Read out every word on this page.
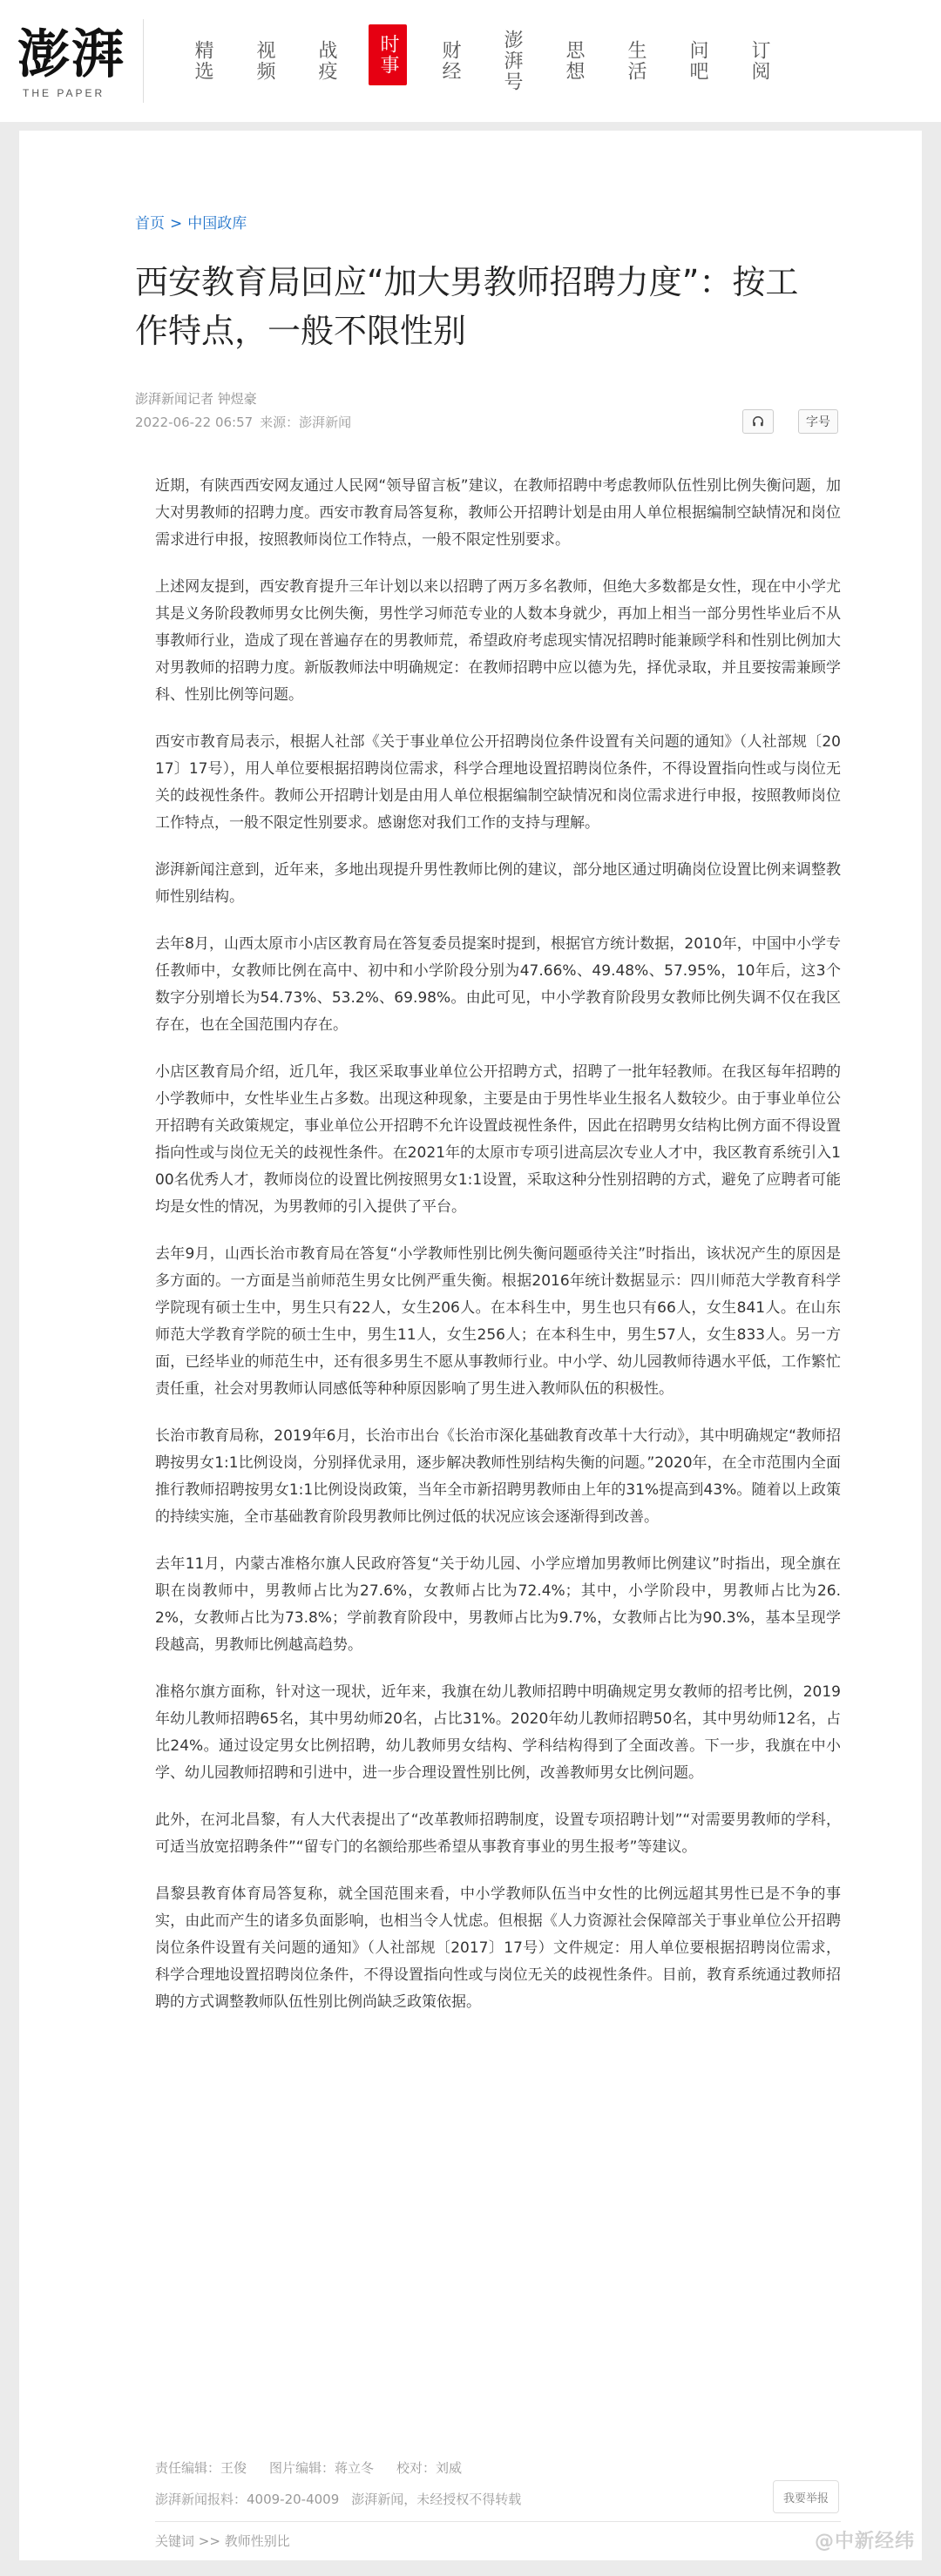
澎湃
THE PAPER
精选	视频	战疫	时事	财经	澎湃号	思想	生活	问吧	订阅
首页 > 中国政库
西安教育局回应“加大男教师招聘力度”：按工作特点，一般不限性别
澎湃新闻记者 钟煜豪
2022-06-22 06:57 来源：澎湃新闻	字号

近期，有陕西西安网友通过人民网“领导留言板”建议，在教师招聘中考虑教师队伍性别比例失衡问题，加大对男教师的招聘力度。西安市教育局答复称，教师公开招聘计划是由用人单位根据编制空缺情况和岗位需求进行申报，按照教师岗位工作特点，一般不限定性别要求。

上述网友提到，西安教育提升三年计划以来以招聘了两万多名教师，但绝大多数都是女性，现在中小学尤其是义务阶段教师男女比例失衡，男性学习师范专业的人数本身就少，再加上相当一部分男性毕业后不从事教师行业，造成了现在普遍存在的男教师荒，希望政府考虑现实情况招聘时能兼顾学科和性别比例加大对男教师的招聘力度。新版教师法中明确规定：在教师招聘中应以德为先，择优录取，并且要按需兼顾学科、性别比例等问题。

西安市教育局表示，根据人社部《关于事业单位公开招聘岗位条件设置有关问题的通知》（人社部规〔2017〕17号），用人单位要根据招聘岗位需求，科学合理地设置招聘岗位条件，不得设置指向性或与岗位无关的歧视性条件。教师公开招聘计划是由用人单位根据编制空缺情况和岗位需求进行申报，按照教师岗位工作特点，一般不限定性别要求。感谢您对我们工作的支持与理解。

澎湃新闻注意到，近年来，多地出现提升男性教师比例的建议，部分地区通过明确岗位设置比例来调整教师性别结构。

去年8月，山西太原市小店区教育局在答复委员提案时提到，根据官方统计数据，2010年，中国中小学专任教师中，女教师比例在高中、初中和小学阶段分别为47.66%、49.48%、57.95%，10年后，这3个数字分别增长为54.73%、53.2%、69.98%。由此可见，中小学教育阶段男女教师比例失调不仅在我区存在，也在全国范围内存在。

小店区教育局介绍，近几年，我区采取事业单位公开招聘方式，招聘了一批年轻教师。在我区每年招聘的小学教师中，女性毕业生占多数。出现这种现象，主要是由于男性毕业生报名人数较少。由于事业单位公开招聘有关政策规定，事业单位公开招聘不允许设置歧视性条件，因此在招聘男女结构比例方面不得设置指向性或与岗位无关的歧视性条件。在2021年的太原市专项引进高层次专业人才中，我区教育系统引入100名优秀人才，教师岗位的设置比例按照男女1:1设置，采取这种分性别招聘的方式，避免了应聘者可能均是女性的情况，为男教师的引入提供了平台。

去年9月，山西长治市教育局在答复“小学教师性别比例失衡问题亟待关注”时指出，该状况产生的原因是多方面的。一方面是当前师范生男女比例严重失衡。根据2016年统计数据显示：四川师范大学教育科学学院现有硕士生中，男生只有22人，女生206人。在本科生中，男生也只有66人，女生841人。在山东师范大学教育学院的硕士生中，男生11人，女生256人；在本科生中，男生57人，女生833人。另一方面，已经毕业的师范生中，还有很多男生不愿从事教师行业。中小学、幼儿园教师待遇水平低，工作繁忙责任重，社会对男教师认同感低等种种原因影响了男生进入教师队伍的积极性。

长治市教育局称，2019年6月，长治市出台《长治市深化基础教育改革十大行动》，其中明确规定“教师招聘按男女1:1比例设岗，分别择优录用，逐步解决教师性别结构失衡的问题。”2020年，在全市范围内全面推行教师招聘按男女1:1比例设岗政策，当年全市新招聘男教师由上年的31%提高到43%。随着以上政策的持续实施，全市基础教育阶段男教师比例过低的状况应该会逐渐得到改善。

去年11月，内蒙古准格尔旗人民政府答复“关于幼儿园、小学应增加男教师比例建议”时指出，现全旗在职在岗教师中，男教师占比为27.6%，女教师占比为72.4%；其中，小学阶段中，男教师占比为26.2%，女教师占比为73.8%；学前教育阶段中，男教师占比为9.7%，女教师占比为90.3%，基本呈现学段越高，男教师比例越高趋势。

准格尔旗方面称，针对这一现状，近年来，我旗在幼儿教师招聘中明确规定男女教师的招考比例，2019年幼儿教师招聘65名，其中男幼师20名，占比31%。2020年幼儿教师招聘50名，其中男幼师12名，占比24%。通过设定男女比例招聘，幼儿教师男女结构、学科结构得到了全面改善。下一步，我旗在中小学、幼儿园教师招聘和引进中，进一步合理设置性别比例，改善教师男女比例问题。

此外，在河北昌黎，有人大代表提出了“改革教师招聘制度，设置专项招聘计划”“对需要男教师的学科，可适当放宽招聘条件”“留专门的名额给那些希望从事教育事业的男生报考”等建议。

昌黎县教育体育局答复称，就全国范围来看，中小学教师队伍当中女性的比例远超其男性已是不争的事实，由此而产生的诸多负面影响，也相当令人忧虑。但根据《人力资源社会保障部关于事业单位公开招聘岗位条件设置有关问题的通知》（人社部规〔2017〕17号）文件规定：用人单位要根据招聘岗位需求，科学合理地设置招聘岗位条件，不得设置指向性或与岗位无关的歧视性条件。目前，教育系统通过教师招聘的方式调整教师队伍性别比例尚缺乏政策依据。

责任编辑：王俊 图片编辑：蒋立冬 校对：刘威
澎湃新闻报料：4009-20-4009 澎湃新闻，未经授权不得转载	我要举报
关键词 >> 教师性别比	@中新经纬
